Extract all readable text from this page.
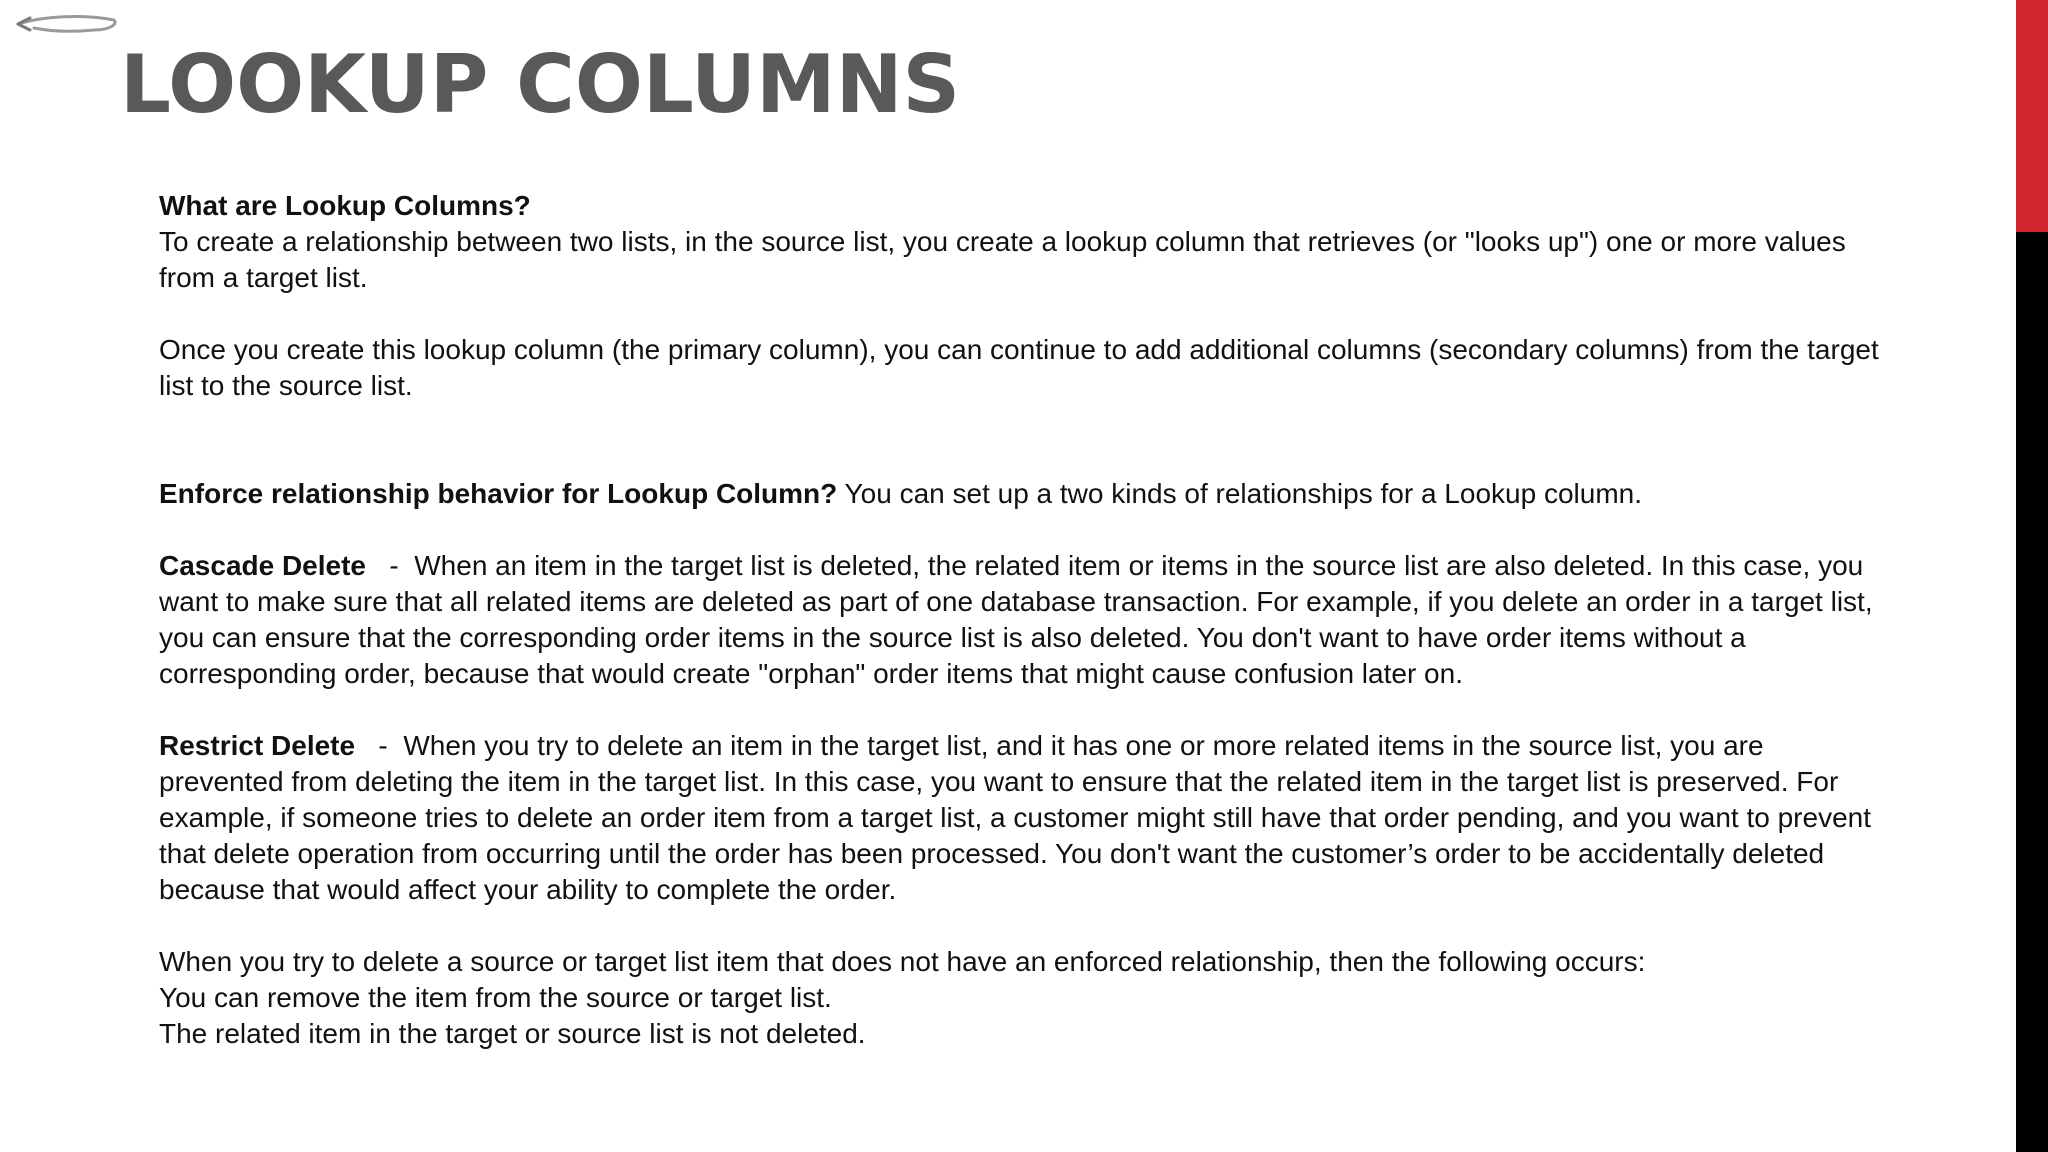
LOOKUP COLUMNS

What are Lookup Columns?

To create a relationship between two lists, in the source list, you create a lookup column that retrieves (or "looks up") one or more values from a target list.

Once you create this lookup column (the primary column), you can continue to add additional columns (secondary columns) from the target list to the source list.

Enforce relationship behavior for Lookup Column? You can set up a two kinds of relationships for a Lookup column.

Cascade Delete   -  When an item in the target list is deleted, the related item or items in the source list are also deleted. In this case, you want to make sure that all related items are deleted as part of one database transaction. For example, if you delete an order in a target list, you can ensure that the corresponding order items in the source list is also deleted. You don't want to have order items without a corresponding order, because that would create "orphan" order items that might cause confusion later on.

Restrict Delete   -  When you try to delete an item in the target list, and it has one or more related items in the source list, you are prevented from deleting the item in the target list. In this case, you want to ensure that the related item in the target list is preserved. For example, if someone tries to delete an order item from a target list, a customer might still have that order pending, and you want to prevent that delete operation from occurring until the order has been processed. You don't want the customer’s order to be accidentally deleted because that would affect your ability to complete the order.

When you try to delete a source or target list item that does not have an enforced relationship, then the following occurs:

You can remove the item from the source or target list.

The related item in the target or source list is not deleted.
